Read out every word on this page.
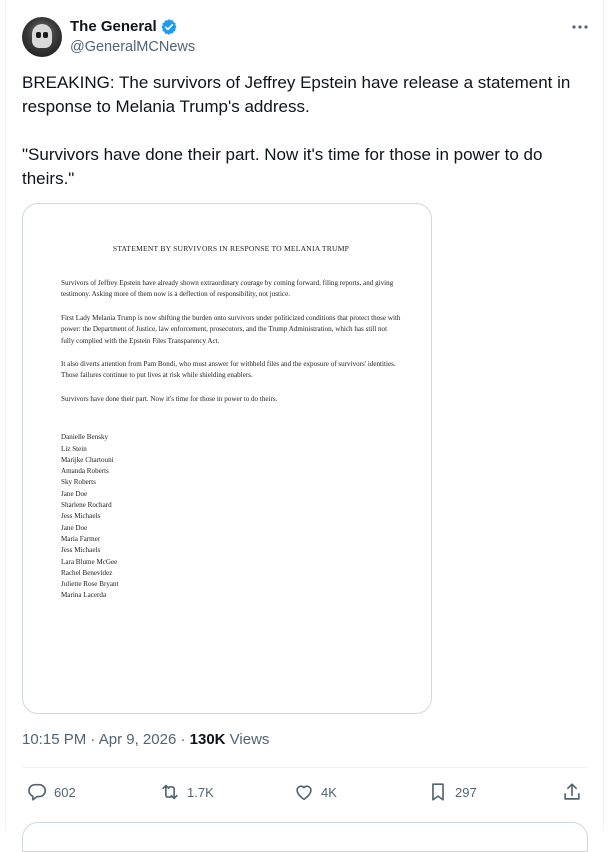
The General
@GeneralMCNews
BREAKING: The survivors of Jeffrey Epstein have release a statement in response to Melania Trump's address.

"Survivors have done their part. Now it's time for those in power to do theirs."
STATEMENT BY SURVIVORS IN RESPONSE TO MELANIA TRUMP

Survivors of Jeffrey Epstein have already shown extraordinary courage by coming forward, filing reports, and giving testimony. Asking more of them now is a deflection of responsibility, not justice.

First Lady Melania Trump is now shifting the burden onto survivors under politicized conditions that protect those with power: the Department of Justice, law enforcement, prosecutors, and the Trump Administration, which has still not fully complied with the Epstein Files Transparency Act.

It also diverts attention from Pam Bondi, who must answer for withheld files and the exposure of survivors' identities. Those failures continue to put lives at risk while shielding enablers.

Survivors have done their part. Now it's time for those in power to do theirs.

Danielle Bensky
Liz Stein
Marijke Chartouni
Amanda Roberts
Sky Roberts
Jane Doe
Sharlene Rochard
Jess Michaels
Jane Doe
Maria Farmer
Jess Michaels
Lara Blume McGee
Rachel Benevidez
Juliette Rose Bryant
Marina Lacerda
10:15 PM · Apr 9, 2026 · 130K Views
602	1.7K	4K	297
